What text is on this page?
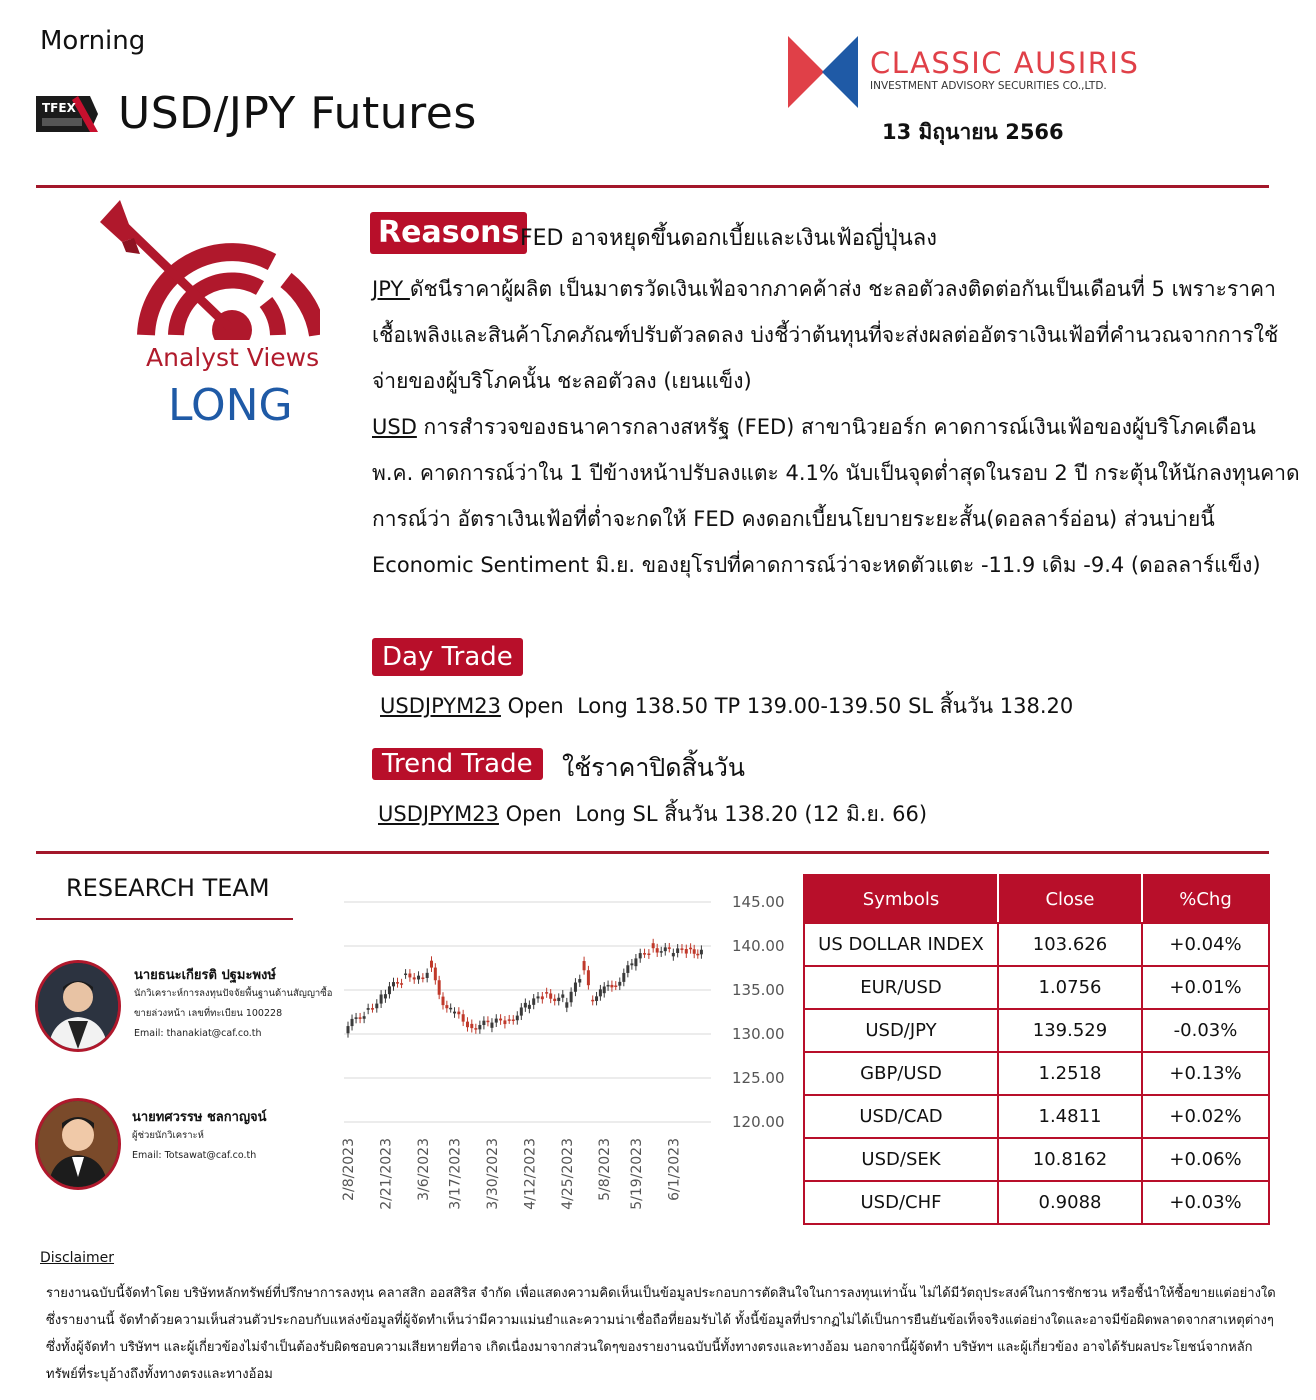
Morning
TFEX USD/JPY Futures
CLASSIC AUSIRIS
INVESTMENT ADVISORY SECURITIES CO.,LTD.
13 มิถุนายน 2566
Analyst Views
LONG
Reasons FED อาจหยุดขึ้นดอกเบี้ยและเงินเฟ้อญี่ปุ่นลง
JPY ดัชนีราคาผู้ผลิต เป็นมาตรวัดเงินเฟ้อจากภาคค้าส่ง ชะลอตัวลงติดต่อกันเป็นเดือนที่ 5 เพราะราคาเชื้อเพลิงและสินค้าโภคภัณฑ์ปรับตัวลดลง บ่งชี้ว่าต้นทุนที่จะส่งผลต่ออัตราเงินเฟ้อที่คำนวณจากการใช้จ่ายของผู้บริโภคนั้น ชะลอตัวลง (เยนแข็ง)
USD การสำรวจของธนาคารกลางสหรัฐ (FED) สาขานิวยอร์ก คาดการณ์เงินเฟ้อของผู้บริโภคเดือน พ.ค. คาดการณ์ว่าใน 1 ปีข้างหน้าปรับลงแตะ 4.1% นับเป็นจุดต่ำสุดในรอบ 2 ปี กระตุ้นให้นักลงทุนคาดการณ์ว่า อัตราเงินเฟ้อที่ต่ำจะกดให้ FED คงดอกเบี้ยนโยบายระยะสั้น(ดอลลาร์อ่อน) ส่วนบ่ายนี้ Economic Sentiment มิ.ย. ของยุโรปที่คาดการณ์ว่าจะหดตัวแตะ -11.9 เดิม -9.4 (ดอลลาร์แข็ง)
Day Trade
USDJPYM23 Open  Long 138.50 TP 139.00-139.50 SL สิ้นวัน 138.20
Trend Trade	ใช้ราคาปิดสิ้นวัน
USDJPYM23 Open  Long SL สิ้นวัน 138.20 (12 มิ.ย. 66)
RESEARCH TEAM
นายธนะเกียรติ ปฐมะพงษ์
นักวิเคราะห์การลงทุนปัจจัยพื้นฐานด้านสัญญาซื้อขายล่วงหน้า เลขที่ทะเบียน 100228
Email: thanakiat@caf.co.th
นายทศวรรษ ชลกาญจน์
ผู้ช่วยนักวิเคราะห์
Email: Totsawat@caf.co.th
145.00
140.00
135.00
130.00
125.00
120.00
2/8/2023 2/21/2023 3/6/2023 3/17/2023 3/30/2023 4/12/2023 4/25/2023 5/8/2023 5/19/2023 6/1/2023
Symbols	Close	%Chg
US DOLLAR INDEX	103.626	+0.04%
EUR/USD	1.0756	+0.01%
USD/JPY	139.529	-0.03%
GBP/USD	1.2518	+0.13%
USD/CAD	1.4811	+0.02%
USD/SEK	10.8162	+0.06%
USD/CHF	0.9088	+0.03%
Disclaimer
รายงานฉบับนี้จัดทำโดย บริษัทหลักทรัพย์ที่ปรึกษาการลงทุน คลาสสิก ออสสิริส จำกัด เพื่อแสดงความคิดเห็นเป็นข้อมูลประกอบการตัดสินใจในการลงทุนเท่านั้น ไม่ได้มีวัตถุประสงค์ในการชักชวน หรือชี้นำให้ซื้อขายแต่อย่างใด ซึ่งรายงานนี้ จัดทำด้วยความเห็นส่วนตัวประกอบกับแหล่งข้อมูลที่ผู้จัดทำเห็นว่ามีความแม่นยำและความน่าเชื่อถือที่ยอมรับได้ ทั้งนี้ข้อมูลที่ปรากฏไม่ได้เป็นการยืนยันข้อเท็จจริงแต่อย่างใดและอาจมีข้อผิดพลาดจากสาเหตุต่างๆ ซึ่งทั้งผู้จัดทำ บริษัทฯ และผู้เกี่ยวข้องไม่จำเป็นต้องรับผิดชอบความเสียหายที่อาจ เกิดเนื่องมาจากส่วนใดๆของรายงานฉบับนี้ทั้งทางตรงและทางอ้อม นอกจากนี้ผู้จัดทำ บริษัทฯ และผู้เกี่ยวข้อง อาจได้รับผลประโยชน์จากหลักทรัพย์ที่ระบุอ้างถึงทั้งทางตรงและทางอ้อม
